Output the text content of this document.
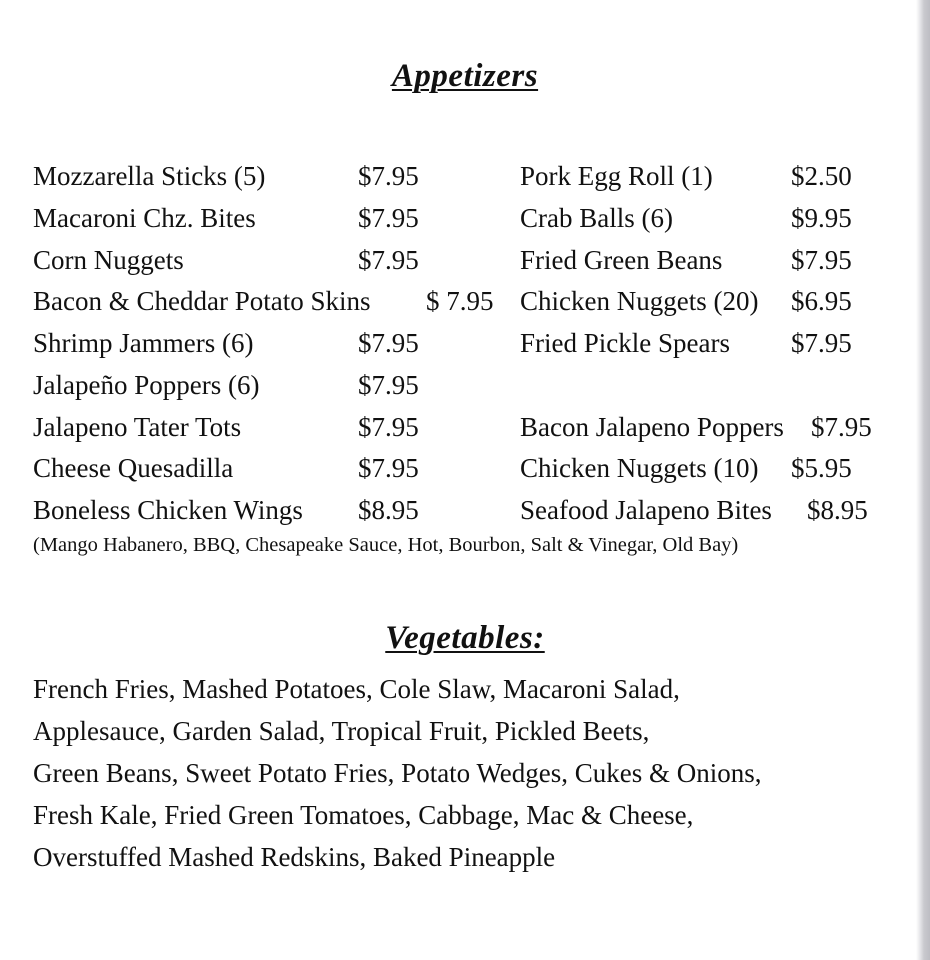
Appetizers
Mozzarella Sticks (5)	$7.95
Macaroni Chz. Bites	$7.95
Corn Nuggets	$7.95
Bacon & Cheddar Potato Skins $ 7.95
Shrimp Jammers (6)	$7.95
Jalapeño Poppers (6)	$7.95
Jalapeno Tater Tots	$7.95
Cheese Quesadilla	$7.95
Boneless Chicken Wings $8.95
Pork Egg Roll (1)	$2.50
Crab Balls (6)	$9.95
Fried Green Beans	$7.95
Chicken Nuggets (20) $6.95
Fried Pickle Spears $7.95
Bacon Jalapeno Poppers $7.95
Chicken Nuggets (10) $5.95
Seafood Jalapeno Bites $8.95
(Mango Habanero, BBQ, Chesapeake Sauce, Hot, Bourbon, Salt & Vinegar, Old Bay)
Vegetables:
French Fries, Mashed Potatoes, Cole Slaw, Macaroni Salad,
Applesauce, Garden Salad, Tropical Fruit, Pickled Beets,
Green Beans, Sweet Potato Fries, Potato Wedges, Cukes & Onions,
Fresh Kale, Fried Green Tomatoes, Cabbage, Mac & Cheese,
Overstuffed Mashed Redskins, Baked Pineapple
